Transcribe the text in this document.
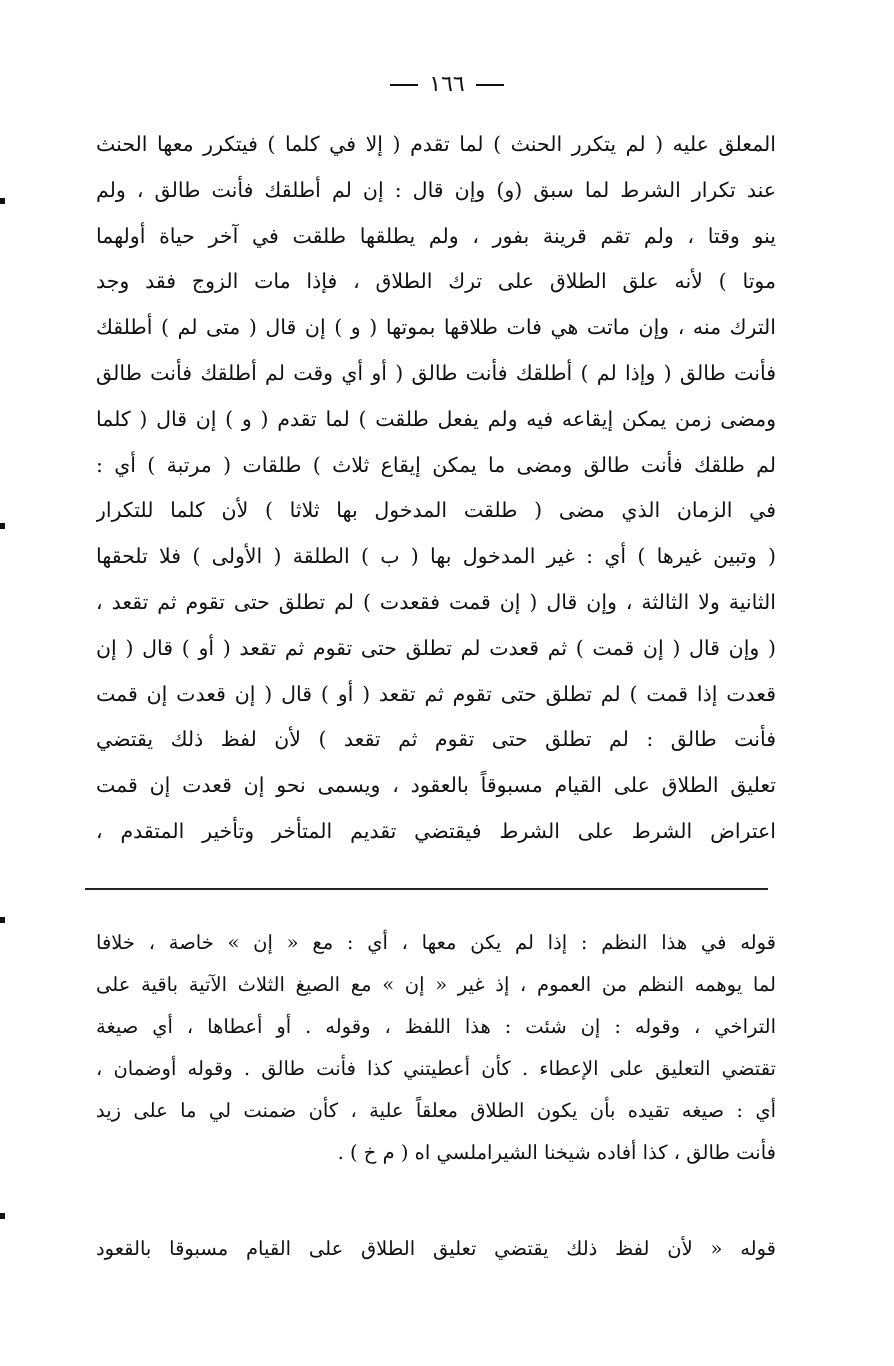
١٦٦
المعلق عليه ( لم يتكرر الحنث ) لما تقدم ( إلا في كلما ) فيتكرر معها الحنث
عند تكرار الشرط لما سبق (و) وإن قال : إن لم أطلقك فأنت طالق ، ولم
ينو وقتا ، ولم تقم قرينة بفور ، ولم يطلقها طلقت في آخر حياة أولهما
موتا ) لأنه علق الطلاق على ترك الطلاق ، فإذا مات الزوج فقد وجد
الترك منه ، وإن ماتت هي فات طلاقها بموتها ( و ) إن قال ( متى لم ) أطلقك
فأنت طالق ( وإذا لم ) أطلقك فأنت طالق ( أو أي وقت لم أطلقك فأنت طالق
ومضى زمن يمكن إيقاعه فيه ولم يفعل طلقت ) لما تقدم ( و ) إن قال ( كلما
لم طلقك فأنت طالق ومضى ما يمكن إيقاع ثلاث ) طلقات ( مرتبة ) أي :
في الزمان الذي مضى ( طلقت المدخول بها ثلاثا ) لأن كلما للتكرار
( وتبين غيرها ) أي : غير المدخول بها ( ب ) الطلقة ( الأولى ) فلا تلحقها
الثانية ولا الثالثة ، وإن قال ( إن قمت فقعدت ) لم تطلق حتى تقوم ثم تقعد ،
( وإن قال ( إن قمت ) ثم قعدت لم تطلق حتى تقوم ثم تقعد ( أو ) قال ( إن
قعدت إذا قمت ) لم تطلق حتى تقوم ثم تقعد ( أو ) قال ( إن قعدت إن قمت
فأنت طالق : لم تطلق حتى تقوم ثم تقعد ) لأن لفظ ذلك يقتضي
تعليق الطلاق على القيام مسبوقاً بالعقود ، ويسمى نحو إن قعدت إن قمت
اعتراض الشرط على الشرط فيقتضي تقديم المتأخر وتأخير المتقدم ،
قوله في هذا النظم : إذا لم يكن معها ، أي : مع « إن » خاصة ، خلافا
لما يوهمه النظم من العموم ، إذ غير « إن » مع الصيغ الثلاث الآتية باقية على
التراخي ، وقوله : إن شئت : هذا اللفظ ، وقوله . أو أعطاها ، أي صيغة
تقتضي التعليق على الإعطاء . كأن أعطيتني كذا فأنت طالق . وقوله أوضمان ،
أي : صيغه تقيده بأن يكون الطلاق معلقاً علية ، كأن ضمنت لي ما على زيد
فأنت طالق ، كذا أفاده شيخنا الشيراملسي اه ( م خ ) .
قوله « لأن لفظ ذلك يقتضي تعليق الطلاق على القيام مسبوقا بالقعود
